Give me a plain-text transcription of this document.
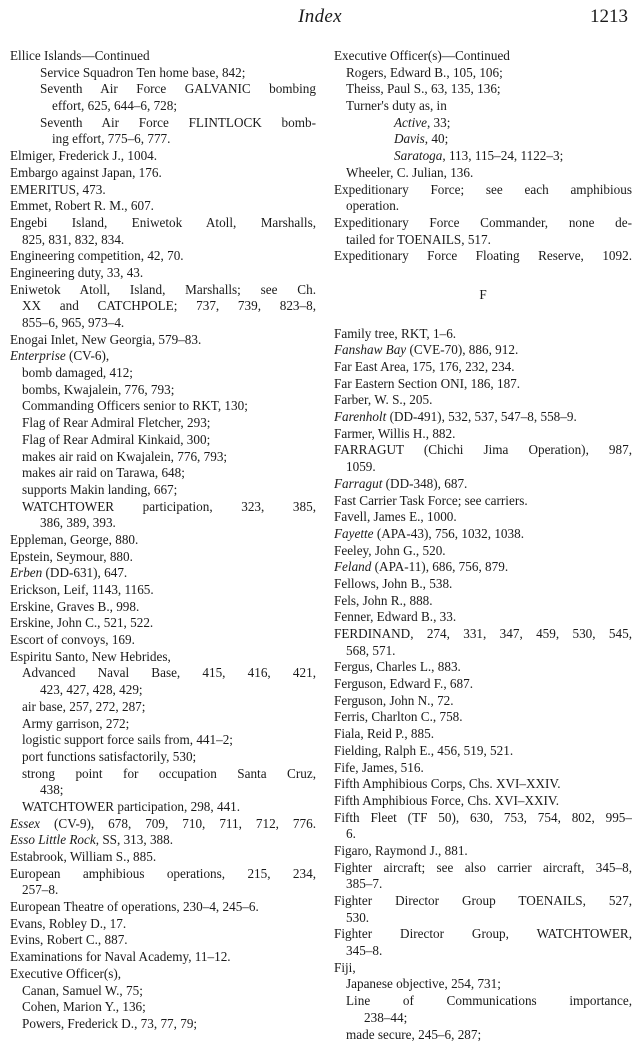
Index	1213
Ellice Islands—Continued
Service Squadron Ten home base, 842;
Seventh Air Force GALVANIC bombing
effort, 625, 644–6, 728;
Seventh Air Force FLINTLOCK bomb-
ing effort, 775–6, 777.
Elmiger, Frederick J., 1004.
Embargo against Japan, 176.
EMERITUS, 473.
Emmet, Robert R. M., 607.
Engebi Island, Eniwetok Atoll, Marshalls,
825, 831, 832, 834.
Engineering competition, 42, 70.
Engineering duty, 33, 43.
Eniwetok Atoll, Island, Marshalls; see Ch.
XX and CATCHPOLE; 737, 739, 823–8,
855–6, 965, 973–4.
Enogai Inlet, New Georgia, 579–83.
Enterprise (CV-6),
bomb damaged, 412;
bombs, Kwajalein, 776, 793;
Commanding Officers senior to RKT, 130;
Flag of Rear Admiral Fletcher, 293;
Flag of Rear Admiral Kinkaid, 300;
makes air raid on Kwajalein, 776, 793;
makes air raid on Tarawa, 648;
supports Makin landing, 667;
WATCHTOWER participation, 323, 385,
386, 389, 393.
Eppleman, George, 880.
Epstein, Seymour, 880.
Erben (DD-631), 647.
Erickson, Leif, 1143, 1165.
Erskine, Graves B., 998.
Erskine, John C., 521, 522.
Escort of convoys, 169.
Espiritu Santo, New Hebrides,
Advanced Naval Base, 415, 416, 421,
423, 427, 428, 429;
air base, 257, 272, 287;
Army garrison, 272;
logistic support force sails from, 441–2;
port functions satisfactorily, 530;
strong point for occupation Santa Cruz,
438;
WATCHTOWER participation, 298, 441.
Essex (CV-9), 678, 709, 710, 711, 712, 776.
Esso Little Rock, SS, 313, 388.
Estabrook, William S., 885.
European amphibious operations, 215, 234,
257–8.
European Theatre of operations, 230–4, 245–6.
Evans, Robley D., 17.
Evins, Robert C., 887.
Examinations for Naval Academy, 11–12.
Executive Officer(s),
Canan, Samuel W., 75;
Cohen, Marion Y., 136;
Powers, Frederick D., 73, 77, 79;
Executive Officer(s)—Continued
Rogers, Edward B., 105, 106;
Theiss, Paul S., 63, 135, 136;
Turner's duty as, in
Active, 33;
Davis, 40;
Saratoga, 113, 115–24, 1122–3;
Wheeler, C. Julian, 136.
Expeditionary Force; see each amphibious
operation.
Expeditionary Force Commander, none de-
tailed for TOENAILS, 517.
Expeditionary Force Floating Reserve, 1092.
F
Family tree, RKT, 1–6.
Fanshaw Bay (CVE-70), 886, 912.
Far East Area, 175, 176, 232, 234.
Far Eastern Section ONI, 186, 187.
Farber, W. S., 205.
Farenholt (DD-491), 532, 537, 547–8, 558–9.
Farmer, Willis H., 882.
FARRAGUT (Chichi Jima Operation), 987,
1059.
Farragut (DD-348), 687.
Fast Carrier Task Force; see carriers.
Favell, James E., 1000.
Fayette (APA-43), 756, 1032, 1038.
Feeley, John G., 520.
Feland (APA-11), 686, 756, 879.
Fellows, John B., 538.
Fels, John R., 888.
Fenner, Edward B., 33.
FERDINAND, 274, 331, 347, 459, 530, 545,
568, 571.
Fergus, Charles L., 883.
Ferguson, Edward F., 687.
Ferguson, John N., 72.
Ferris, Charlton C., 758.
Fiala, Reid P., 885.
Fielding, Ralph E., 456, 519, 521.
Fife, James, 516.
Fifth Amphibious Corps, Chs. XVI–XXIV.
Fifth Amphibious Force, Chs. XVI–XXIV.
Fifth Fleet (TF 50), 630, 753, 754, 802, 995–
6.
Figaro, Raymond J., 881.
Fighter aircraft; see also carrier aircraft, 345–8,
385–7.
Fighter Director Group TOENAILS, 527,
530.
Fighter Director Group, WATCHTOWER,
345–8.
Fiji,
Japanese objective, 254, 731;
Line of Communications importance,
238–44;
made secure, 245–6, 287;
